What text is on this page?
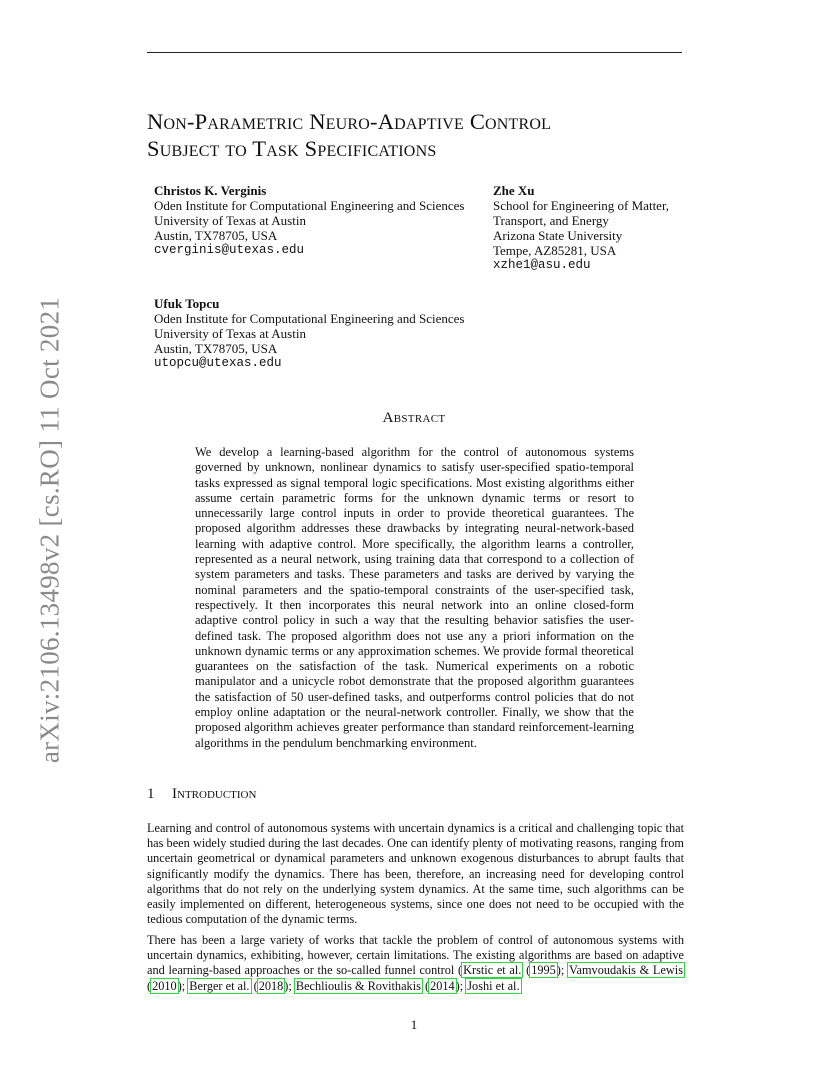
arXiv:2106.13498v2 [cs.RO] 11 Oct 2021
Non-Parametric Neuro-Adaptive Control
Subject to Task Specifications
Christos K. Verginis
Oden Institute for Computational Engineering and Sciences
University of Texas at Austin
Austin, TX78705, USA
cverginis@utexas.edu
Zhe Xu
School for Engineering of Matter,
Transport, and Energy
Arizona State University
Tempe, AZ85281, USA
xzhe1@asu.edu
Ufuk Topcu
Oden Institute for Computational Engineering and Sciences
University of Texas at Austin
Austin, TX78705, USA
utopcu@utexas.edu
Abstract
We develop a learning-based algorithm for the control of autonomous systems governed by unknown, nonlinear dynamics to satisfy user-specified spatio-temporal tasks expressed as signal temporal logic specifications. Most existing algorithms either assume certain parametric forms for the unknown dynamic terms or resort to unnecessarily large control inputs in order to provide theoretical guarantees. The proposed algorithm addresses these drawbacks by integrating neural-network-based learning with adaptive control. More specifically, the algorithm learns a controller, represented as a neural network, using training data that correspond to a collection of system parameters and tasks. These parameters and tasks are derived by varying the nominal parameters and the spatio-temporal constraints of the user-specified task, respectively. It then incorporates this neural network into an online closed-form adaptive control policy in such a way that the resulting behavior satisfies the user-defined task. The proposed algorithm does not use any a priori information on the unknown dynamic terms or any approximation schemes. We provide formal theoretical guarantees on the satisfaction of the task. Numerical experiments on a robotic manipulator and a unicycle robot demonstrate that the proposed algorithm guarantees the satisfaction of 50 user-defined tasks, and outperforms control policies that do not employ online adaptation or the neural-network controller. Finally, we show that the proposed algorithm achieves greater performance than standard reinforcement-learning algorithms in the pendulum benchmarking environment.
1 Introduction
Learning and control of autonomous systems with uncertain dynamics is a critical and challenging topic that has been widely studied during the last decades. One can identify plenty of motivating reasons, ranging from uncertain geometrical or dynamical parameters and unknown exogenous disturbances to abrupt faults that significantly modify the dynamics. There has been, therefore, an increasing need for developing control algorithms that do not rely on the underlying system dynamics. At the same time, such algorithms can be easily implemented on different, heterogeneous systems, since one does not need to be occupied with the tedious computation of the dynamic terms.
There has been a large variety of works that tackle the problem of control of autonomous systems with uncertain dynamics, exhibiting, however, certain limitations. The existing algorithms are based on adaptive and learning-based approaches or the so-called funnel control (Krstic et al. (1995); Vamvoudakis & Lewis (2010); Berger et al. (2018); Bechlioulis & Rovithakis (2014); Joshi et al.
1
